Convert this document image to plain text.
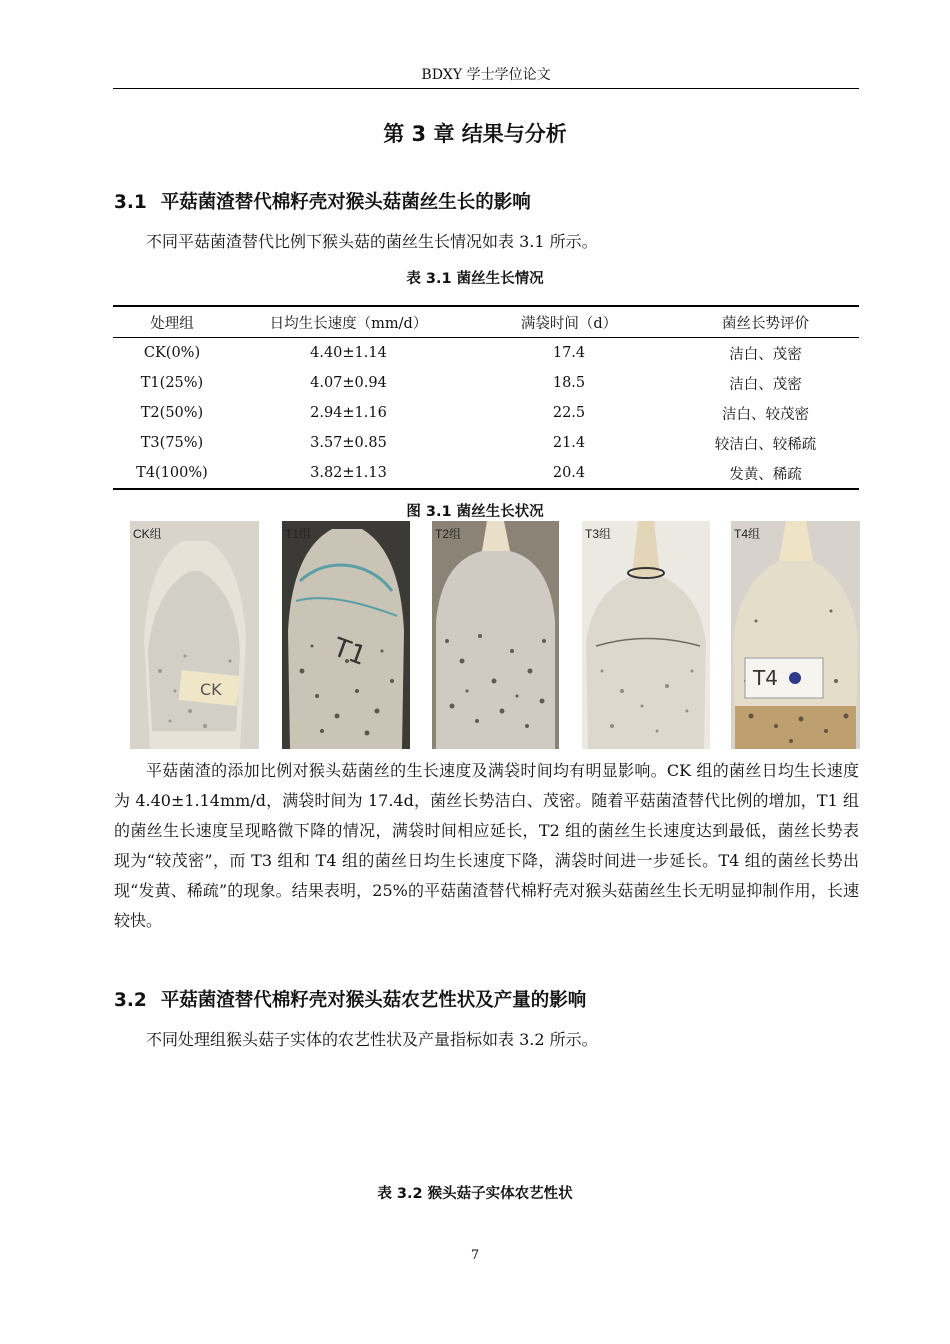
BDXY 学士学位论文
第 3 章 结果与分析
3.1 平菇菌渣替代棉籽壳对猴头菇菌丝生长的影响
不同平菇菌渣替代比例下猴头菇的菌丝生长情况如表 3.1 所示。
表 3.1 菌丝生长情况
处理组	日均生长速度（mm/d）	满袋时间（d）	菌丝长势评价
CK(0%)	4.40±1.14	17.4	洁白、茂密
T1(25%)	4.07±0.94	18.5	洁白、茂密
T2(50%)	2.94±1.16	22.5	洁白、较茂密
T3(75%)	3.57±0.85	21.4	较洁白、较稀疏
T4(100%)	3.82±1.13	20.4	发黄、稀疏
图 3.1 菌丝生长状况
CK
CK组
T1
T1组	T2组	T3组
T4
T4组
平菇菌渣的添加比例对猴头菇菌丝的生长速度及满袋时间均有明显影响。CK 组的菌丝日均生长速度为 4.40±1.14mm/d，满袋时间为 17.4d，菌丝长势洁白、茂密。随着平菇菌渣替代比例的增加，T1 组的菌丝生长速度呈现略微下降的情况，满袋时间相应延长，T2 组的菌丝生长速度达到最低，菌丝长势表现为“较茂密”，而 T3 组和 T4 组的菌丝日均生长速度下降，满袋时间进一步延长。T4 组的菌丝长势出现“发黄、稀疏”的现象。结果表明，25%的平菇菌渣替代棉籽壳对猴头菇菌丝生长无明显抑制作用，长速较快。
3.2 平菇菌渣替代棉籽壳对猴头菇农艺性状及产量的影响
不同处理组猴头菇子实体的农艺性状及产量指标如表 3.2 所示。
表 3.2 猴头菇子实体农艺性状
7
